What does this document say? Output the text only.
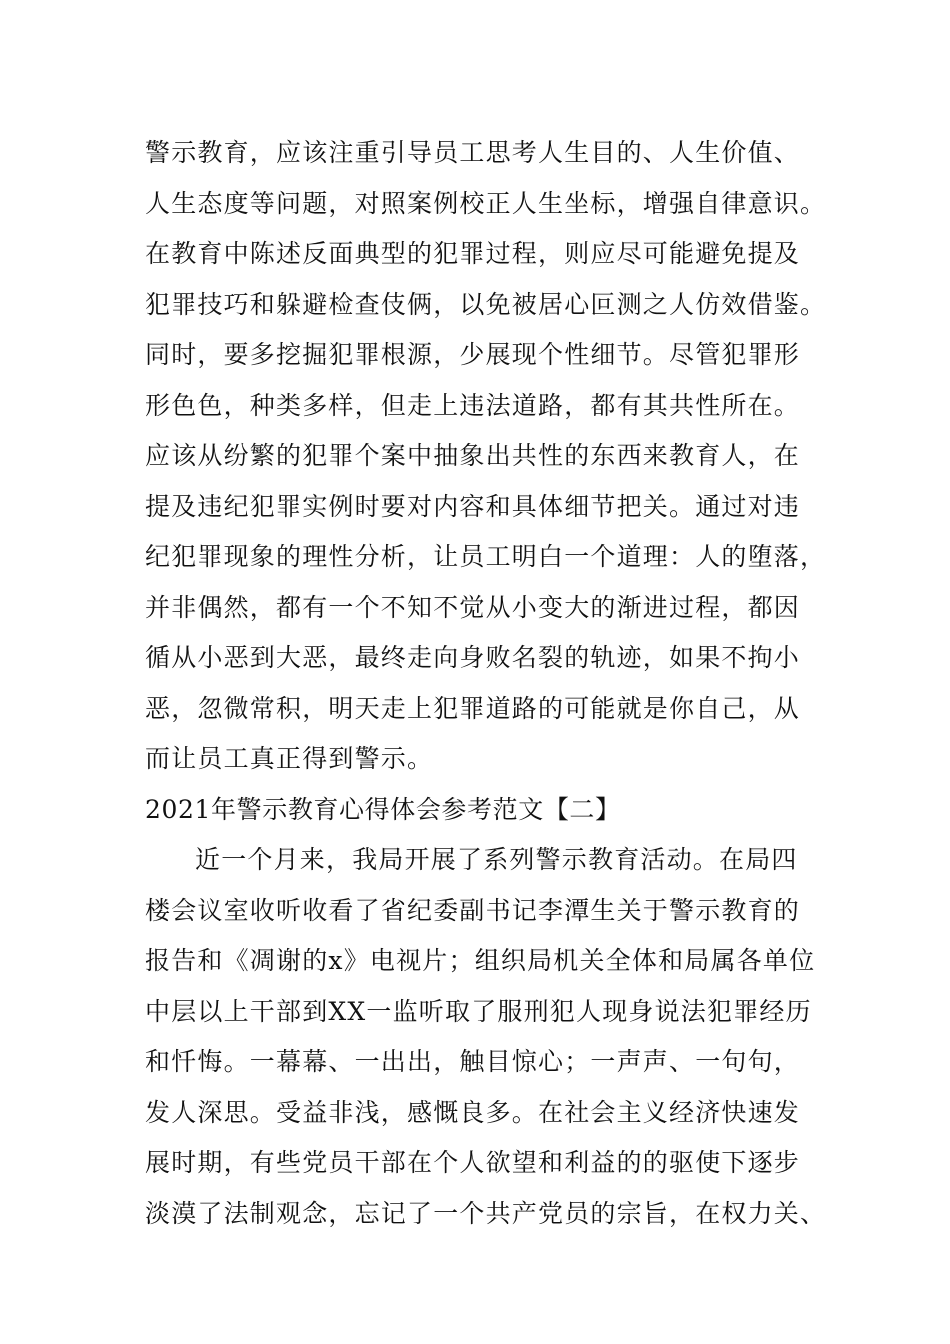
警示教育，应该注重引导员工思考人生目的、人生价值、
人生态度等问题，对照案例校正人生坐标，增强自律意识。
在教育中陈述反面典型的犯罪过程，则应尽可能避免提及
犯罪技巧和躲避检查伎俩，以免被居心叵测之人仿效借鉴。
同时，要多挖掘犯罪根源，少展现个性细节。尽管犯罪形
形色色，种类多样，但走上违法道路，都有其共性所在。
应该从纷繁的犯罪个案中抽象出共性的东西来教育人，在
提及违纪犯罪实例时要对内容和具体细节把关。通过对违
纪犯罪现象的理性分析，让员工明白一个道理：人的堕落，
并非偶然，都有一个不知不觉从小变大的渐进过程，都因
循从小恶到大恶，最终走向身败名裂的轨迹，如果不拘小
恶，忽微常积，明天走上犯罪道路的可能就是你自己，从
而让员工真正得到警示。
2021年警示教育心得体会参考范文【二】
近一个月来，我局开展了系列警示教育活动。在局四
楼会议室收听收看了省纪委副书记李潭生关于警示教育的
报告和《凋谢的x》电视片；组织局机关全体和局属各单位
中层以上干部到XX一监听取了服刑犯人现身说法犯罪经历
和忏悔。一幕幕、一出出，触目惊心；一声声、一句句，
发人深思。受益非浅，感慨良多。在社会主义经济快速发
展时期，有些党员干部在个人欲望和利益的的驱使下逐步
淡漠了法制观念，忘记了一个共产党员的宗旨，在权力关、
